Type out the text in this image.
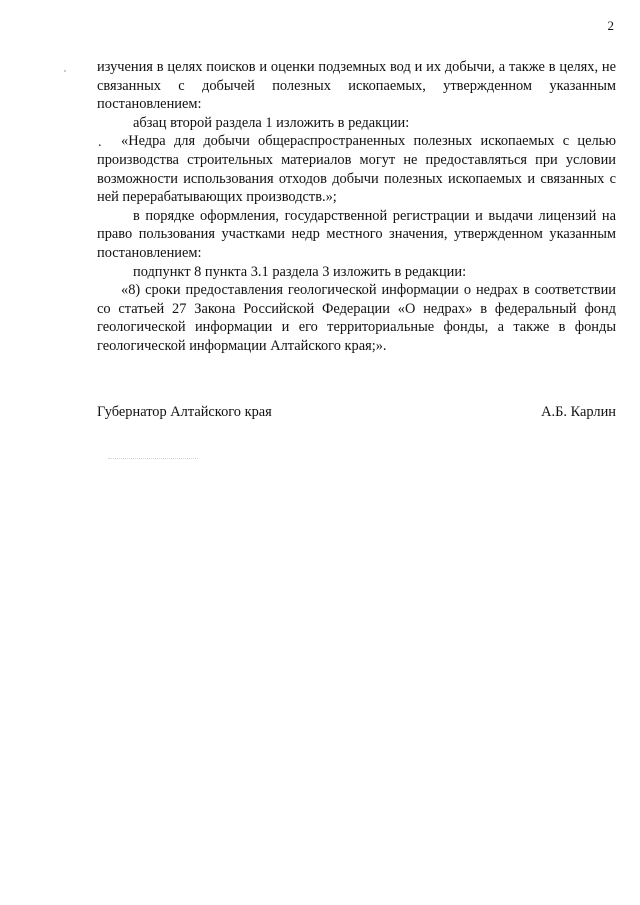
2
.

изучения в целях поисков и оценки подземных вод и их добычи, а также в целях, не связанных с добычей полезных ископаемых, утвержденном указанным постановлением:

абзац второй раздела 1 изложить в редакции:

«Недра для добычи общераспространенных полезных ископаемых с целью производства строительных материалов могут не предоставляться при условии возможности использования отходов добычи полезных ископаемых и связанных с ней перерабатывающих производств.»;

в порядке оформления, государственной регистрации и выдачи лицензий на право пользования участками недр местного значения, утвержденном указанным постановлением:

подпункт 8 пункта 3.1 раздела 3 изложить в редакции:

«8) сроки предоставления геологической информации о недрах в соответствии со статьей 27 Закона Российской Федерации «О недрах» в федеральный фонд геологической информации и его территориальные фонды, а также в фонды геологической информации Алтайского края;».

Губернатор Алтайского края	А.Б. Карлин
